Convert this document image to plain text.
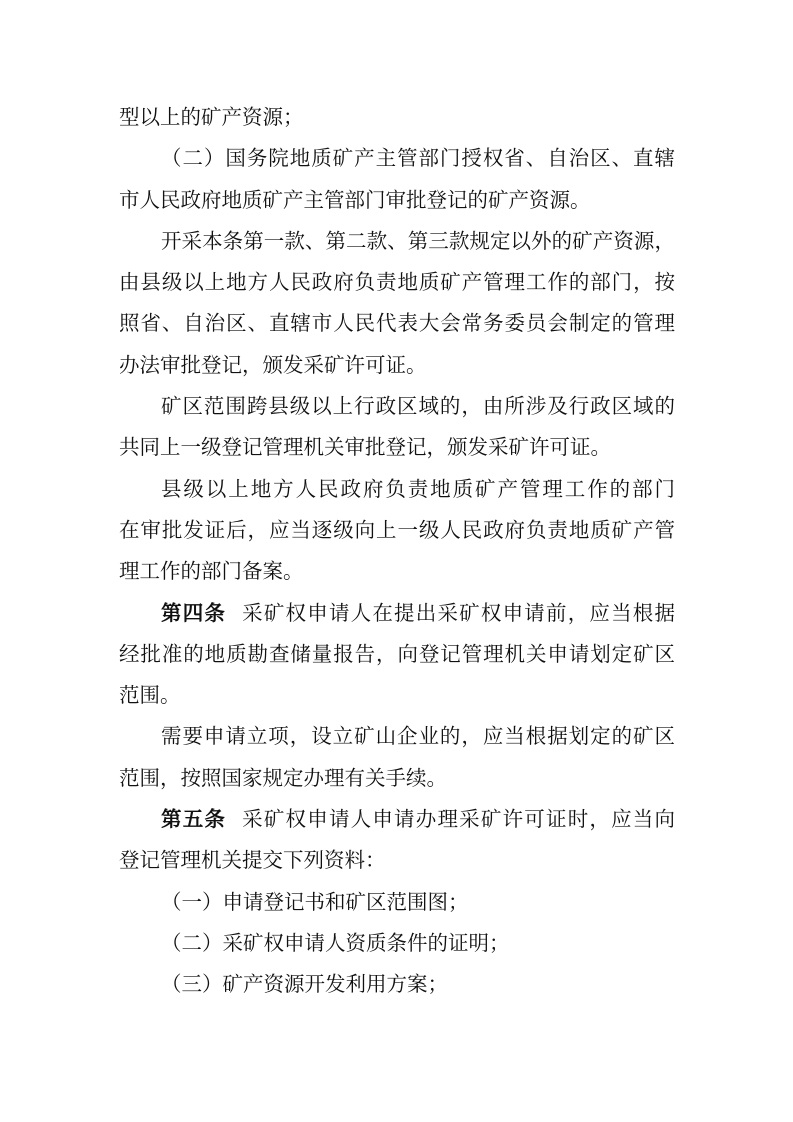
型以上的矿产资源；
（二）国务院地质矿产主管部门授权省、自治区、直辖
市人民政府地质矿产主管部门审批登记的矿产资源。
开采本条第一款、第二款、第三款规定以外的矿产资源，
由县级以上地方人民政府负责地质矿产管理工作的部门，按
照省、自治区、直辖市人民代表大会常务委员会制定的管理
办法审批登记，颁发采矿许可证。
矿区范围跨县级以上行政区域的，由所涉及行政区域的
共同上一级登记管理机关审批登记，颁发采矿许可证。
县级以上地方人民政府负责地质矿产管理工作的部门
在审批发证后，应当逐级向上一级人民政府负责地质矿产管
理工作的部门备案。
第四条 采矿权申请人在提出采矿权申请前，应当根据
经批准的地质勘查储量报告，向登记管理机关申请划定矿区
范围。
需要申请立项，设立矿山企业的，应当根据划定的矿区
范围，按照国家规定办理有关手续。
第五条 采矿权申请人申请办理采矿许可证时，应当向
登记管理机关提交下列资料：
（一）申请登记书和矿区范围图；
（二）采矿权申请人资质条件的证明；
（三）矿产资源开发利用方案；
